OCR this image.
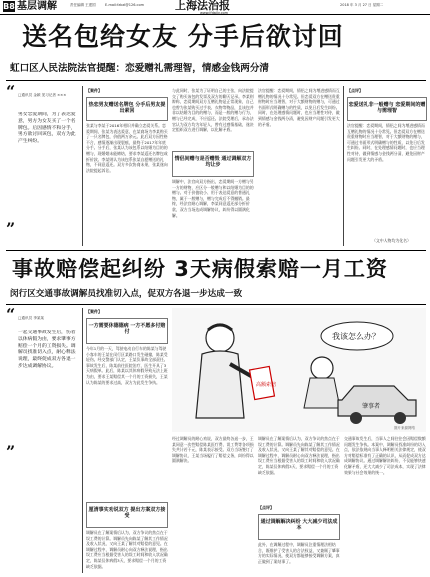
B8 基层调解	责任编辑 王建国	E-mail:fzbzl@126.com	上海法治报
www.jfdaily.com
2018 年 3 月 27 日 星期二
送名包给女友 分手后欲讨回
虹口区人民法院法官提醒：恋爱赠礼需理智，情感金钱两分清
“ □通讯员 金颖 见习记者 ×××
男女恋爱期间，为了表达爱意，男方为女友买了一个名牌包。后因感情不和分手，男方欲讨回该包，双方为此产生纠纷。
”
【案件】
热恋男友赠送名牌包 分手后男友提出索回
张某与李某于2016年相识并确立恋爱关系。恋爱期间，张某为表达爱意，在某商场为李某购买了一只名牌包，价值两万余元。此后双方因性格不合，感情逐渐出现裂痕，最终于2017年年底分手。分手后，张某认为该包系以结婚为目的的赠与，现婚姻未能缔结，要求李某返还名牌包或折价款。李某则认为该包系张某自愿赠送的礼物，不同意返还。双方多次协商未果，张某遂向法院提起诉讼。
与此同时，张某为了证明自己的主张，向法院提交了购买该包的发票及双方的聊天记录。李某则辩称，恋爱期间双方互赠礼物是正常现象，自己也曾为张某购买过手表、衣物等物品，且该包并非以结婚为目的的赠与，而是一般的赠与行为，赠与已经完成，不应返还。法院受理后，承办法官认为双方均为年轻人，曾有过感情基础，遂决定组织双方进行调解，以化解矛盾。
情侣间赠与是否赠毁 通过调解双方均让步
调解中，法官向双方指出，恋爱期间一方赠与另一方的财物，应区分一般赠与和以结婚为目的的赠与。对于价值较小、用于表达爱意的普通礼物，属于一般赠与，赠与完成后不得撤销。最终，经法官耐心调解，李某同意返还部分折价款，双方当场达成调解协议，纠纷得以圆满化解。
法官提醒：恋爱期间，情侣之间为增进感情而互赠礼物的情况十分常见。但恋爱双方在赠送贵重财物时应当理智，对于大额财物的赠与，可通过书面形式明确赠与的性质，以免日后发生纠纷。同时，在处理感情问题时，也应当理性对待，做到情感与金钱两分清，避免因财产问题引发更大的矛盾。
【点评】
恋爱送礼非一般赠与 恋爱期间的赠与需理智
法官提醒：恋爱期间，情侣之间为增进感情而互赠礼物的情况十分常见。但恋爱双方在赠送贵重财物时应当理智，对于大额财物的赠与，可通过书面形式明确赠与的性质，以免日后发生纠纷。同时，在处理感情问题时，也应当理性对待，做到情感与金钱两分清，避免因财产问题引发更大的矛盾。
（文中人物均为化名）
事故赔偿起纠纷 3天病假索赔一月工资
闵行区交通事故调解员找准切入点，促双方各退一步达成一致
“ □通讯员 李某某
一起交通事故发生后，伤者以休病假为由，要求肇事方赔偿一个月的工资损失。调解员找准切入点，耐心释法说理，最终促成双方各退一步达成调解协议。
”
【案件】
一方需要休德德病 一方不愿多付赔付
今年1月的一天，驾驶电动自行车的陈某与驾驶小客车的王某在闵行区某路口发生碰撞，陈某受轻伤。经交警部门认定，王某负事故全部责任。事故发生后，陈某前往医院治疗，医生开具了3天病假单。此后，陈某以其休病假导致无法上班为由，要求王某赔偿其一个月的工资损失，王某认为陈某的要求过高，双方为此发生争执。
厘清事实劝说双方 提出方案双方接受
调解员在了解案情后认为，双方争议的焦点在于误工费的计算。调解员先向陈某了解其工作情况及收入状况，又向王某了解其对赔偿的意见。在调解过程中，调解员耐心向双方释法说理，指出误工费应当根据受害人的误工时间和收入状况确定，陈某仅休病假3天，要求赔偿一个月的工资缺乏依据。
高额索赔
我该怎么办？
肇事者
图片来源网络
经过调解员的耐心劝说，双方最终各退一步，王某同意一次性赔偿陈某医疗费、误工费等各项损失共计若干元，陈某表示接受。双方当场签订了调解协议，王某当场履行了赔偿义务，纠纷得以圆满解决。
调解员在了解案情后认为，双方争议的焦点在于误工费的计算。调解员先向陈某了解其工作情况及收入状况，又向王某了解其对赔偿的意见。在调解过程中，调解员耐心向双方释法说理，指出误工费应当根据受害人的误工时间和收入状况确定，陈某仅休病假3天，要求赔偿一个月的工资缺乏依据。
【点评】
通过调解解决纠纷 大大减少司法成本
此外，在调解过程中，调解员注重情理法相结合，既维护了受害人的合法权益，又兼顾了肇事方的实际情况，使双方都能够接受调解方案，真正做到了案结事了。
交通事故发生后，当事人之间往往会因赔偿数额问题发生争执。本案中，调解员找准纠纷的切入点，依法依规向当事人释明相关法律规定，使双方对赔偿标准有了正确的认识，从而促成双方达成调解协议。通过调解解决纠纷，不仅能够快速化解矛盾，还大大减少了司法成本，实现了法律效果与社会效果的统一。
